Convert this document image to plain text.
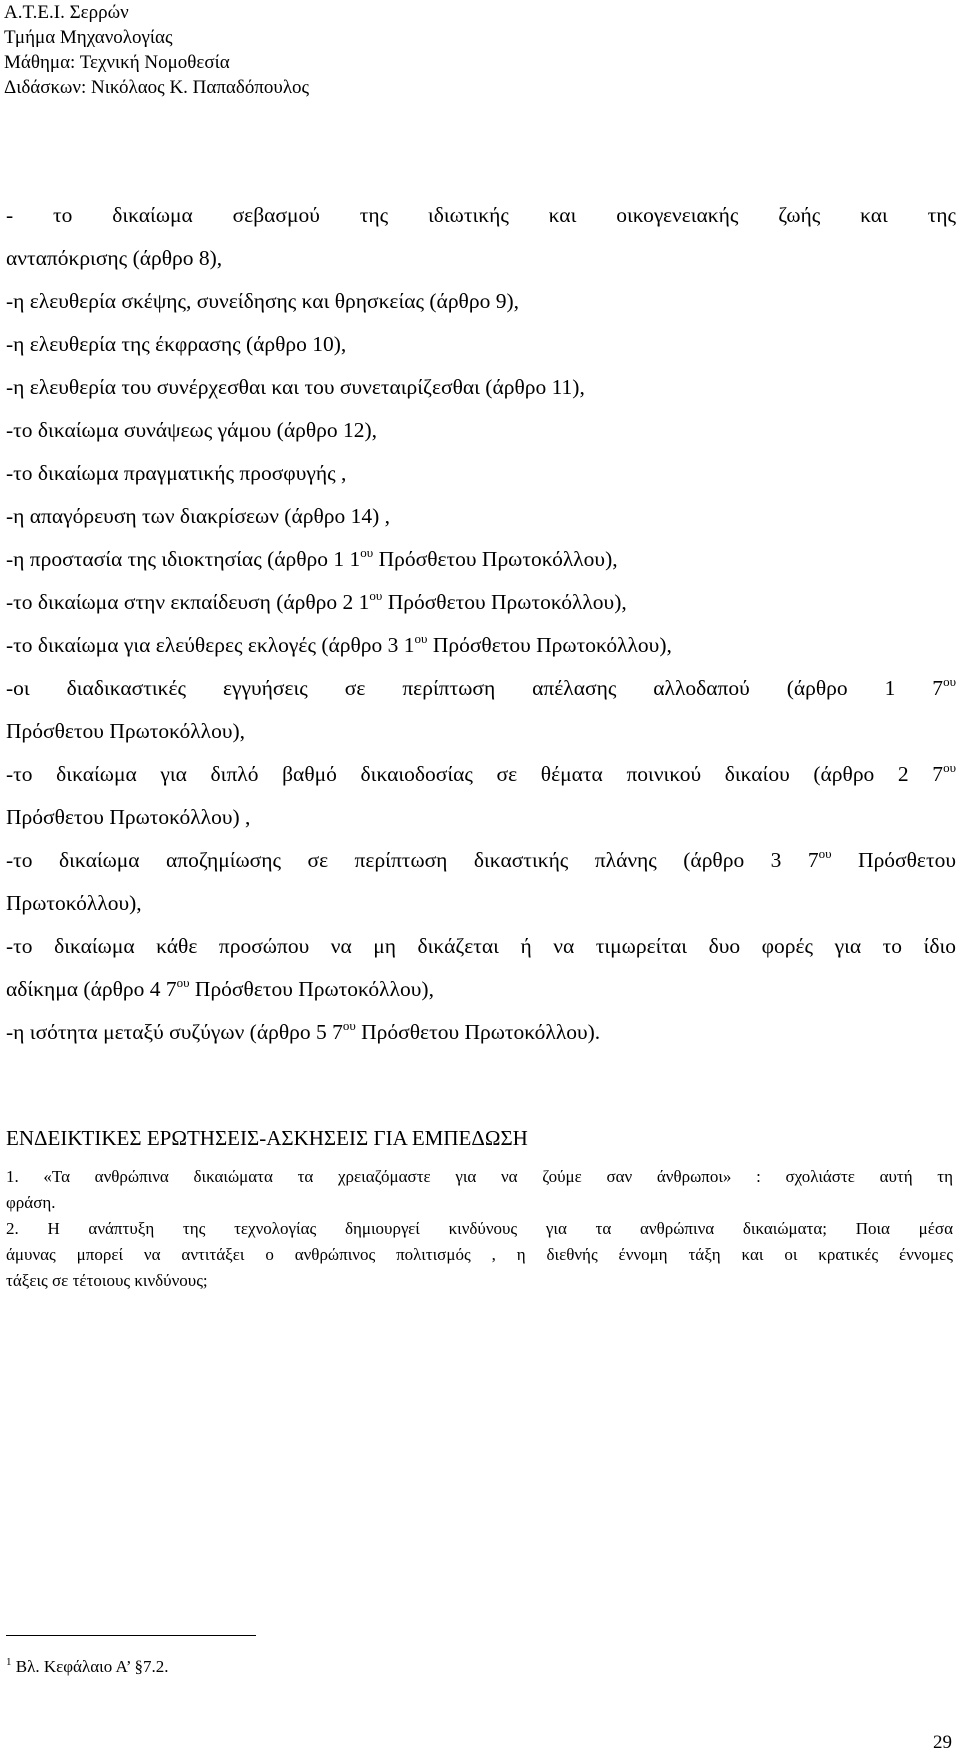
Α.Τ.Ε.Ι. Σερρών
Τμήμα Μηχανολογίας
Μάθημα: Τεχνική Νομοθεσία
Διδάσκων: Νικόλαος Κ. Παπαδόπουλος
- το δικαίωμα σεβασμού της ιδιωτικής και οικογενειακής ζωής και της
ανταπόκρισης (άρθρο 8),
-η ελευθερία σκέψης, συνείδησης και θρησκείας (άρθρο 9),
-η ελευθερία της έκφρασης (άρθρο 10),
-η ελευθερία του συνέρχεσθαι και του συνεταιρίζεσθαι (άρθρο 11),
-το δικαίωμα συνάψεως γάμου (άρθρο 12),
-το δικαίωμα πραγματικής προσφυγής ,
-η απαγόρευση των διακρίσεων (άρθρο 14) ,
-η προστασία της ιδιοκτησίας (άρθρο 1 $1^{o\upsilon}$ Πρόσθετου Πρωτοκόλλου),
-το δικαίωμα στην εκπαίδευση (άρθρο 2 $1^{o\upsilon}$ Πρόσθετου Πρωτοκόλλου),
-το δικαίωμα για ελεύθερες εκλογές (άρθρο 3 $1^{o\upsilon}$ Πρόσθετου Πρωτοκόλλου),
-οι διαδικαστικές εγγυήσεις σε περίπτωση απέλασης αλλοδαπού (άρθρο 1 $7^{o\upsilon}$
Πρόσθετου Πρωτοκόλλου),
-το δικαίωμα για διπλό βαθμό δικαιοδοσίας σε θέματα ποινικού δικαίου (άρθρο 2 $7^{o\upsilon}$
Πρόσθετου Πρωτοκόλλου) ,
-το δικαίωμα αποζημίωσης σε περίπτωση δικαστικής πλάνης (άρθρο 3 $7^{o\upsilon}$ Πρόσθετου
Πρωτοκόλλου),
-το δικαίωμα κάθε προσώπου να μη δικάζεται ή να τιμωρείται δυο φορές για το ίδιο
αδίκημα (άρθρο 4 $7^{o\upsilon}$ Πρόσθετου Πρωτοκόλλου),
-η ισότητα μεταξύ συζύγων (άρθρο 5 $7^{o\upsilon}$ Πρόσθετου Πρωτοκόλλου).
ΕΝΔΕΙΚΤΙΚΕΣ ΕΡΩΤΗΣΕΙΣ-ΑΣΚΗΣΕΙΣ ΓΙΑ ΕΜΠΕΔΩΣΗ
1. «Τα ανθρώπινα δικαιώματα τα χρειαζόμαστε για να ζούμε σαν άνθρωποι» : σχολιάστε αυτή τη
φράση.
2. Η ανάπτυξη της τεχνολογίας δημιουργεί κινδύνους για τα ανθρώπινα δικαιώματα; Ποια μέσα
άμυνας μπορεί να αντιτάξει ο ανθρώπινος πολιτισμός , η διεθνής έννομη τάξη και οι κρατικές έννομες
τάξεις σε τέτοιους κινδύνους;
$^1$ Βλ. Κεφάλαιο Α’ §7.2.
29
